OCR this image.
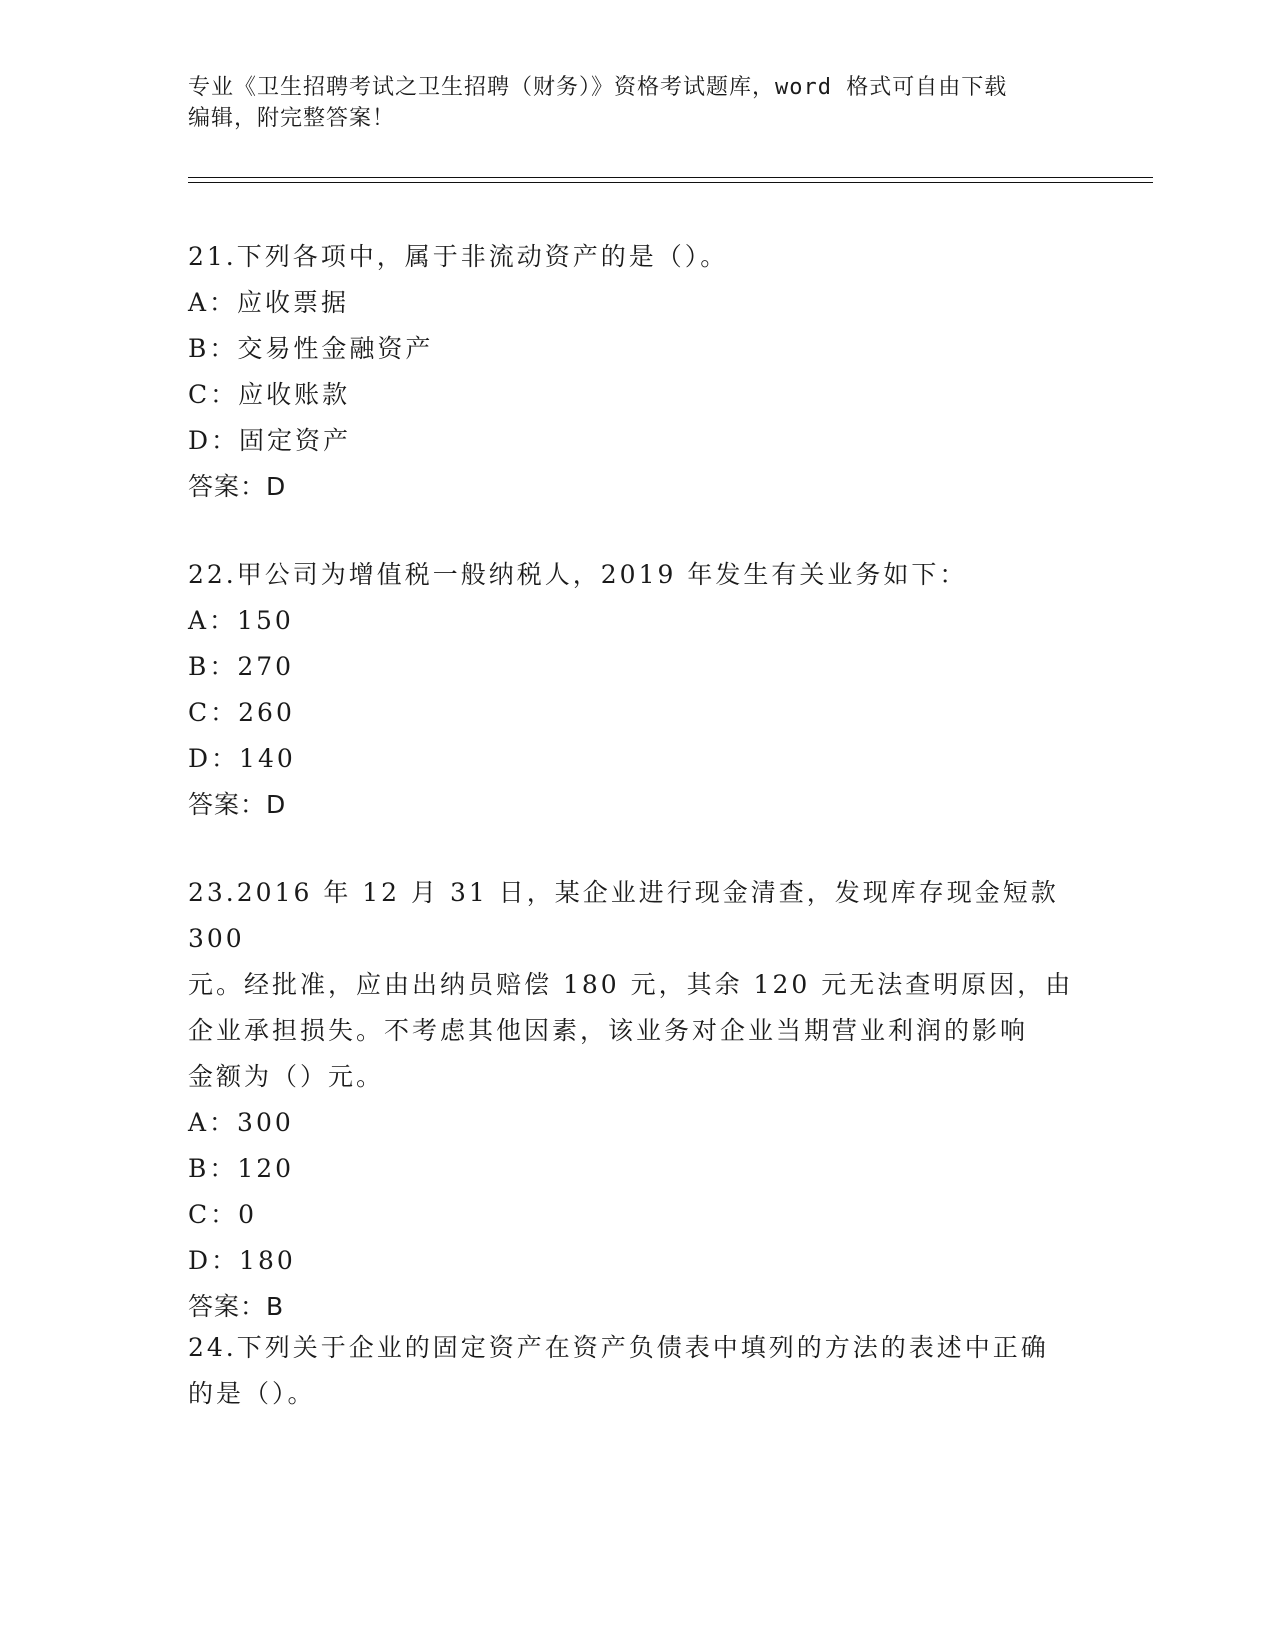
专业《卫生招聘考试之卫生招聘（财务）》资格考试题库，word 格式可自由下载
编辑，附完整答案！

21.下列各项中，属于非流动资产的是（）。

A：应收票据

B：交易性金融资产

C：应收账款

D：固定资产

答案：D

22.甲公司为增值税一般纳税人，2019 年发生有关业务如下：

A：150

B：270

C：260

D：140

答案：D

23.2016 年 12 月 31 日，某企业进行现金清查，发现库存现金短款 300

元。经批准，应由出纳员赔偿 180 元，其余 120 元无法查明原因，由

企业承担损失。不考虑其他因素，该业务对企业当期营业利润的影响

金额为（）元。

A：300

B：120

C：0

D：180

答案：B

24.下列关于企业的固定资产在资产负债表中填列的方法的表述中正确

的是（）。
